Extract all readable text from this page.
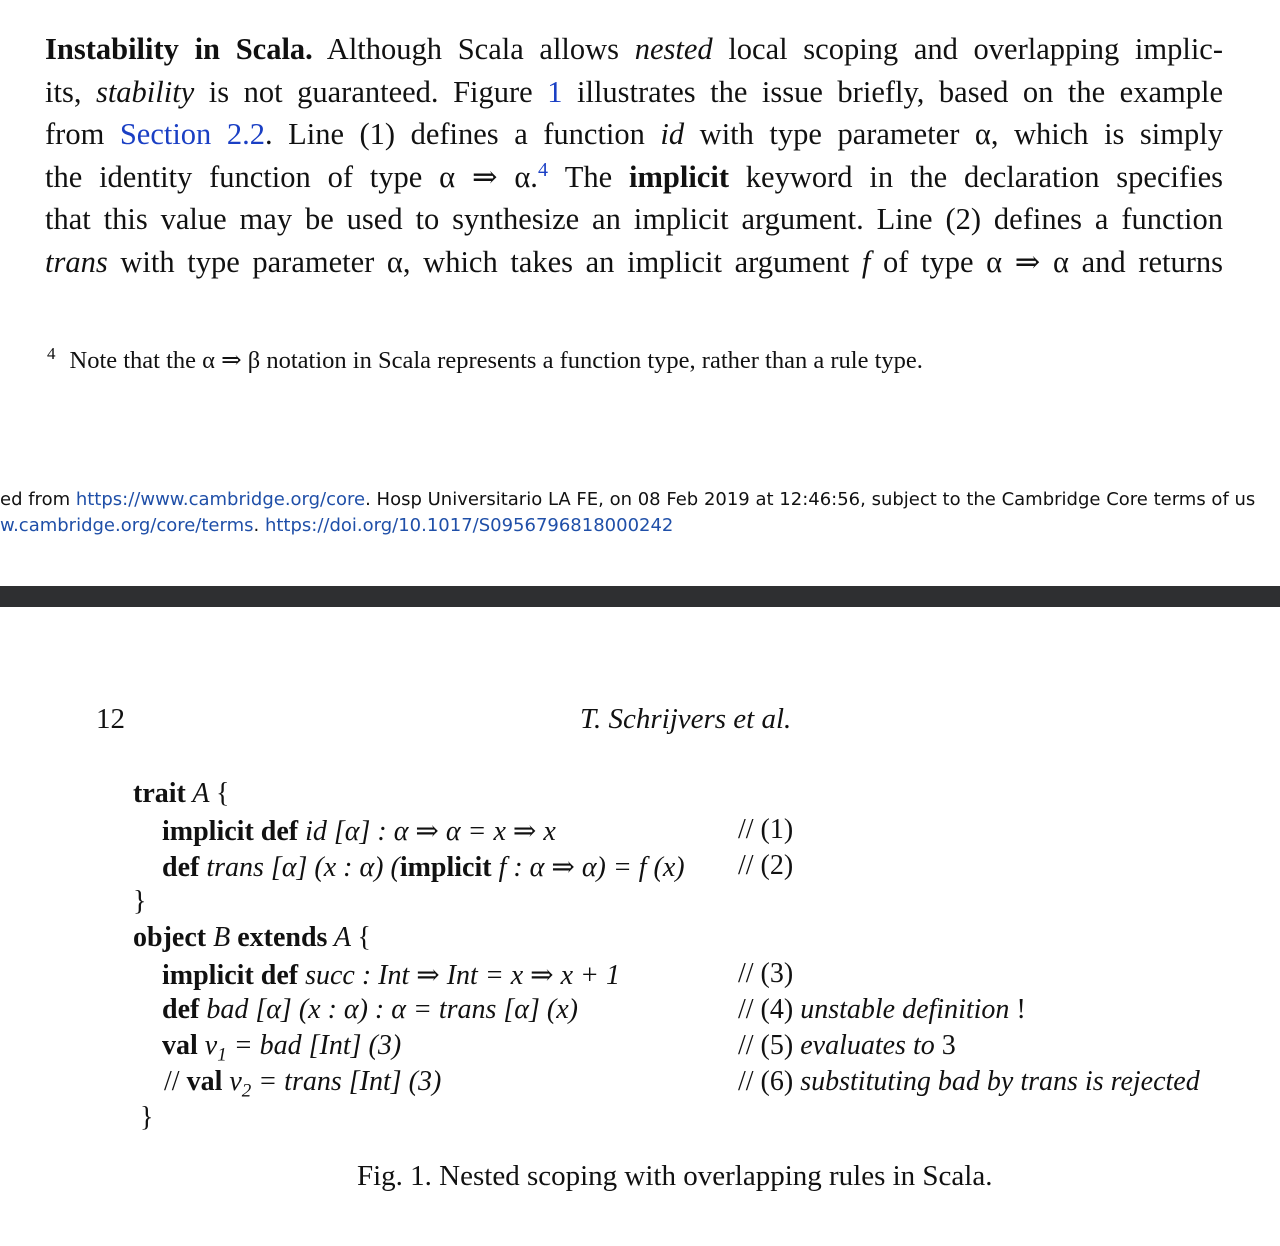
Instability in Scala. Although Scala allows nested local scoping and overlapping implic-
its, stability is not guaranteed. Figure 1 illustrates the issue briefly, based on the example
from Section 2.2. Line (1) defines a function id with type parameter α, which is simply
the identity function of type α ⇒ α.$^4$ The implicit keyword in the declaration specifies
that this value may be used to synthesize an implicit argument. Line (2) defines a function
trans with type parameter α, which takes an implicit argument f of type α ⇒ α and returns
$^4$ Note that the α ⇒ β notation in Scala represents a function type, rather than a rule type.
ed from https://www.cambridge.org/core. Hosp Universitario LA FE, on 08 Feb 2019 at 12:46:56, subject to the Cambridge Core terms of us
w.cambridge.org/core/terms. https://doi.org/10.1017/S0956796818000242
12	T. Schrijvers et al.
trait A {
implicit def id [α] : α ⇒ α = x ⇒ x	// (1)
def trans [α] (x : α) (implicit f : α ⇒ α) = f (x) // (2)
}
object B extends A {
implicit def succ : Int ⇒ Int = x ⇒ x + 1	// (3)
def bad [α] (x : α) : α = trans [α] (x)	// (4) unstable definition !
val $v_1$ = bad [Int] (3)	// (5) evaluates to 3
// val $v_2$ = trans [Int] (3)	// (6) substituting bad by trans is rejected
}
Fig. 1. Nested scoping with overlapping rules in Scala.
